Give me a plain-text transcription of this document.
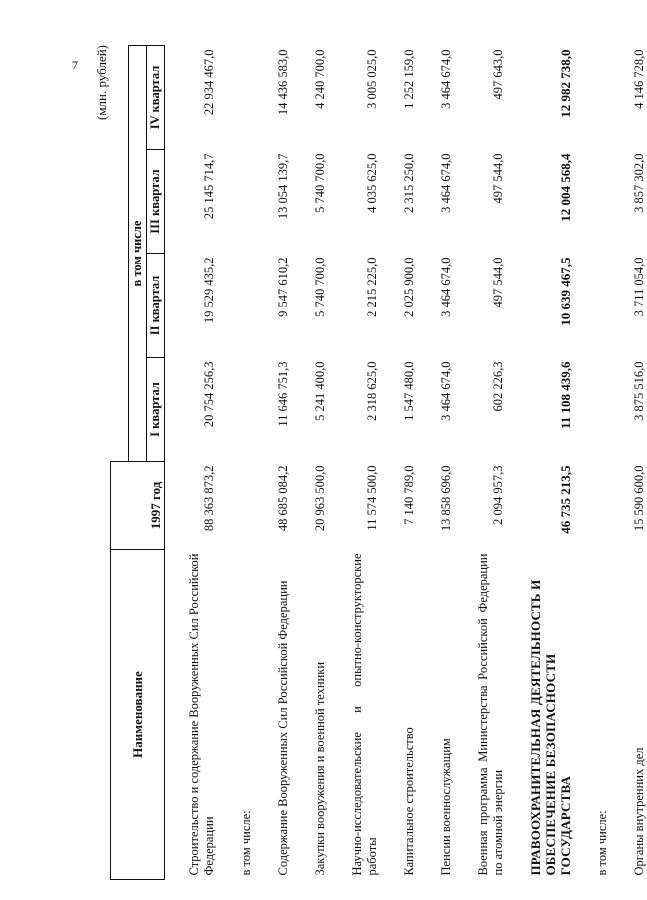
7 (млн. рублей)
Наименование	1997 год				
		в том числе			
		I квартал	II квартал	III квартал	IV квартал

Строительство и содержание Вооруженных Сил Российской Федерации	88 363 873,2	20 754 256,3	19 529 435,2	25 145 714,7	22 934 467,0

в том числе:					

Содержание Вооруженных Сил Российской Федерации	48 685 084,2	11 646 751,3	9 547 610,2	13 054 139,7	14 436 583,0

Закупки вооружения и военной техники	20 963 500,0	5 241 400,0	5 740 700,0	5 740 700,0	4 240 700,0

Научно-исследовательские и опытно-конструкторские работы	11 574 500,0	2 318 625,0	2 215 225,0	4 035 625,0	3 005 025,0

Капитальное строительство	7 140 789,0	1 547 480,0	2 025 900,0	2 315 250,0	1 252 159,0

Пенсии военнослужащим	13 858 696,0	3 464 674,0	3 464 674,0	3 464 674,0	3 464 674,0

Военная программа Министерства Российской Федерации по атомной энергии	2 094 957,3	602 226,3	497 544,0	497 544,0	497 643,0

ПРАВООХРАНИТЕЛЬНАЯ ДЕЯТЕЛЬНОСТЬ И ОБЕСПЕЧЕНИЕ БЕЗОПАСНОСТИ ГОСУДАРСТВА	46 735 213,5	11 108 439,6	10 639 467,5	12 004 568,4	12 982 738,0

в том числе:					

Органы внутренних дел	15 590 600,0	3 875 516,0	3 711 054,0	3 857 302,0	4 146 728,0
